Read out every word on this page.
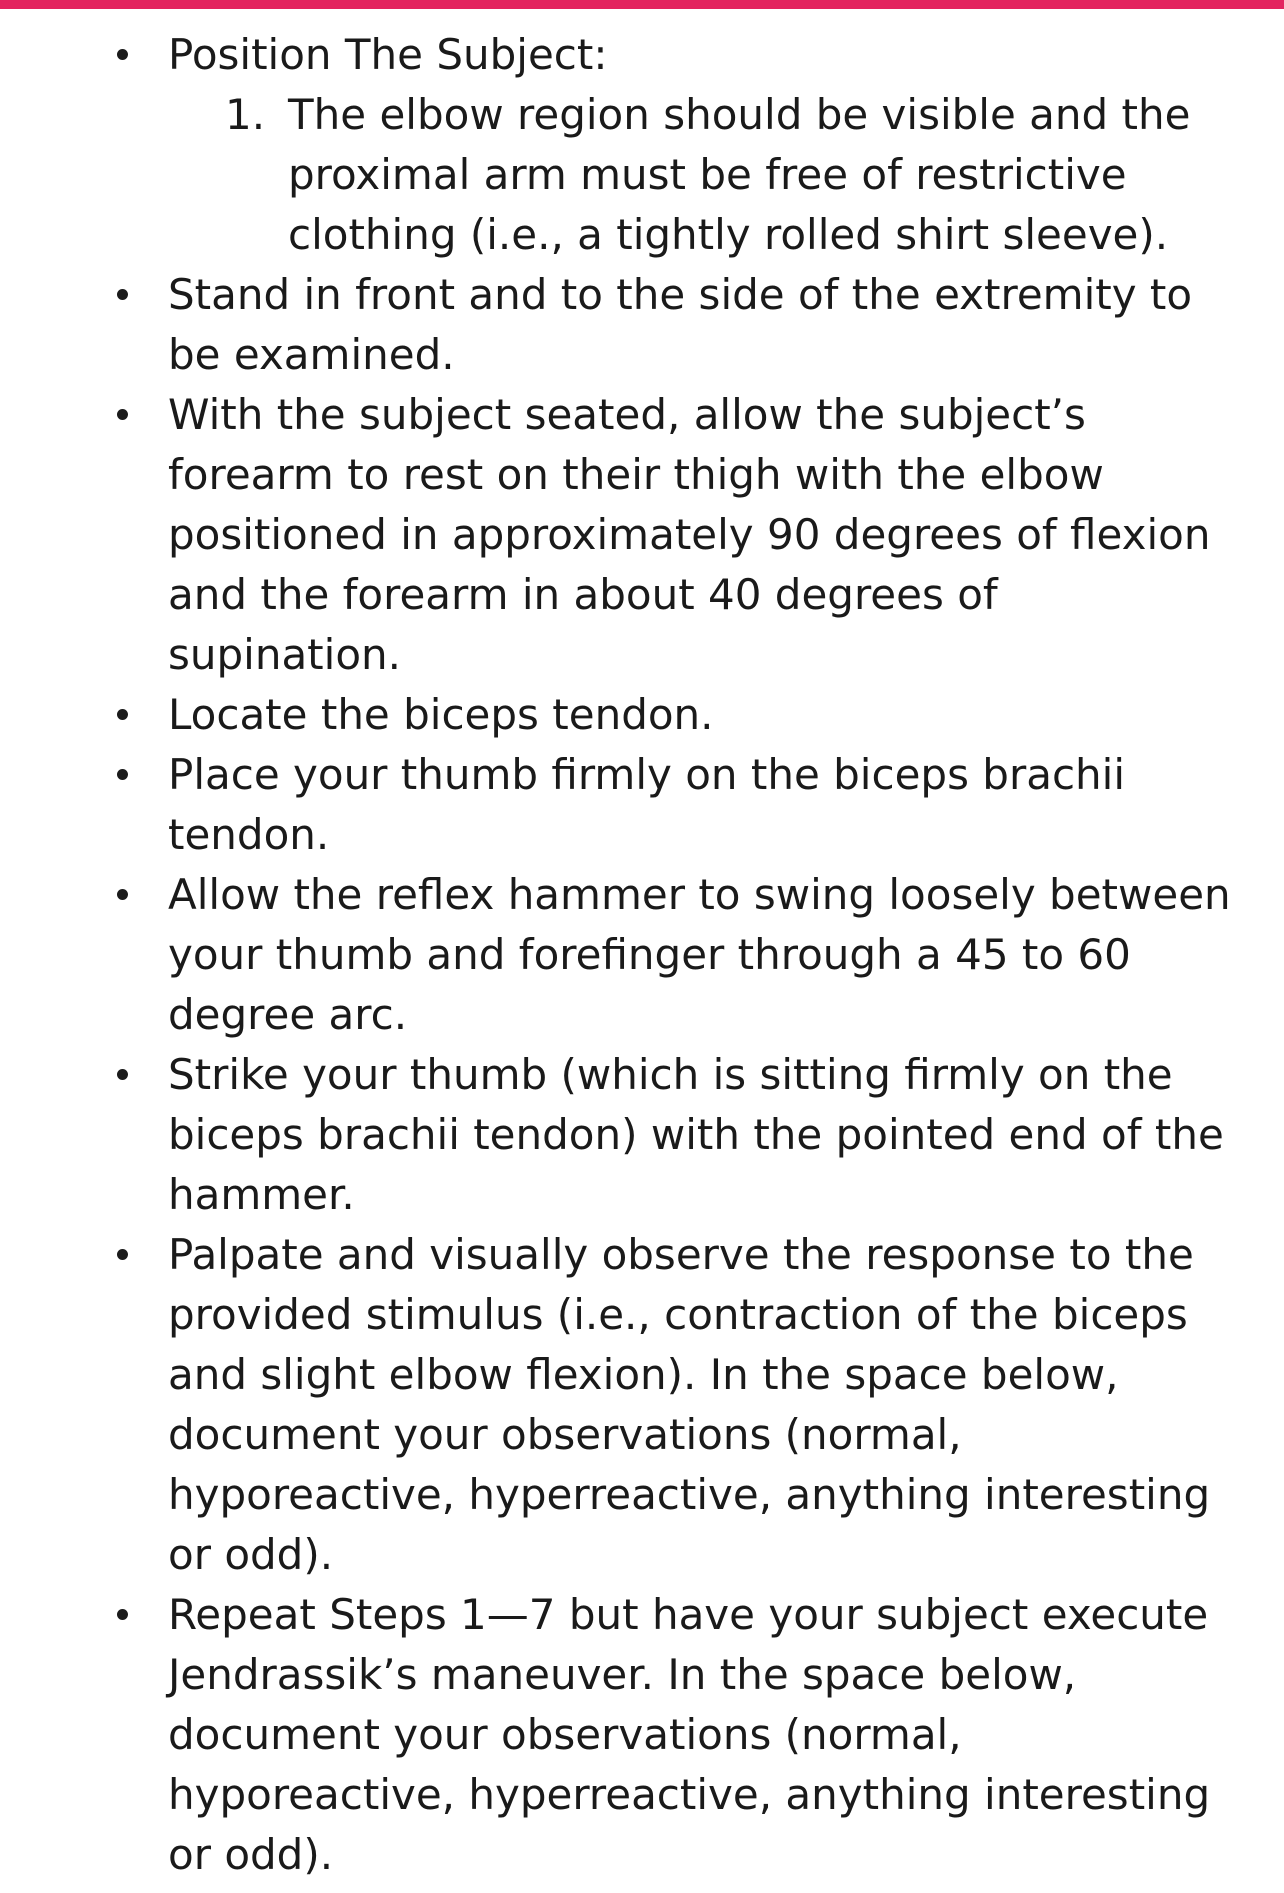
Position The Subject:
1. The elbow region should be visible and the proximal arm must be free of restrictive clothing (i.e., a tightly rolled shirt sleeve).
Stand in front and to the side of the extremity to be examined.
With the subject seated, allow the subject’s forearm to rest on their thigh with the elbow positioned in approximately 90 degrees of flexion and the forearm in about 40 degrees of supination.
Locate the biceps tendon.
Place your thumb firmly on the biceps brachii tendon.
Allow the reflex hammer to swing loosely between your thumb and forefinger through a 45 to 60 degree arc.
Strike your thumb (which is sitting firmly on the biceps brachii tendon) with the pointed end of the hammer.
Palpate and visually observe the response to the provided stimulus (i.e., contraction of the biceps and slight elbow flexion). In the space below, document your observations (normal, hyporeactive, hyperreactive, anything interesting or odd).
Repeat Steps 1—7 but have your subject execute Jendrassik’s maneuver. In the space below, document your observations (normal, hyporeactive, hyperreactive, anything interesting or odd).
